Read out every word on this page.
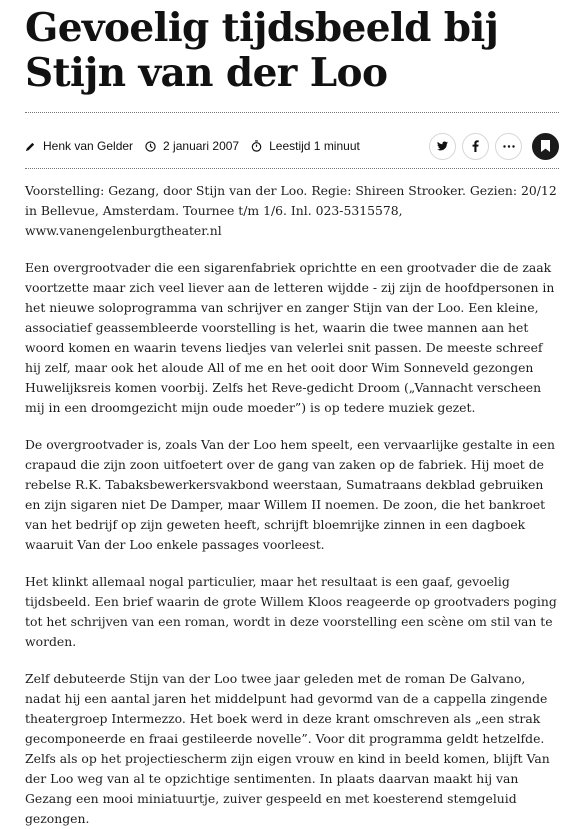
Gevoelig tijdsbeeld bij Stijn van der Loo
Henk van Gelder	2 januari 2007	Leestijd 1 minuut

Voorstelling: Gezang, door Stijn van der Loo. Regie: Shireen Strooker. Gezien: 20/12 in Bellevue, Amsterdam. Tournee t/m 1/6. Inl. 023-5315578, www.vanengelenburgtheater.nl

Een overgrootvader die een sigarenfabriek oprichtte en een grootvader die de zaak voortzette maar zich veel liever aan de letteren wijdde - zij zijn de hoofdpersonen in het nieuwe soloprogramma van schrijver en zanger Stijn van der Loo. Een kleine, associatief geassembleerde voorstelling is het, waarin die twee mannen aan het woord komen en waarin tevens liedjes van velerlei snit passen. De meeste schreef hij zelf, maar ook het aloude All of me en het ooit door Wim Sonneveld gezongen Huwelijksreis komen voorbij. Zelfs het Reve-gedicht Droom („Vannacht verscheen mij in een droomgezicht mijn oude moeder”) is op tedere muziek gezet.

De overgrootvader is, zoals Van der Loo hem speelt, een vervaarlijke gestalte in een crapaud die zijn zoon uitfoetert over de gang van zaken op de fabriek. Hij moet de rebelse R.K. Tabaksbewerkersvakbond weerstaan, Sumatraans dekblad gebruiken en zijn sigaren niet De Damper, maar Willem II noemen. De zoon, die het bankroet van het bedrijf op zijn geweten heeft, schrijft bloemrijke zinnen in een dagboek waaruit Van der Loo enkele passages voorleest.

Het klinkt allemaal nogal particulier, maar het resultaat is een gaaf, gevoelig tijdsbeeld. Een brief waarin de grote Willem Kloos reageerde op grootvaders poging tot het schrijven van een roman, wordt in deze voorstelling een scène om stil van te worden.

Zelf debuteerde Stijn van der Loo twee jaar geleden met de roman De Galvano, nadat hij een aantal jaren het middelpunt had gevormd van de a cappella zingende theatergroep Intermezzo. Het boek werd in deze krant omschreven als „een strak gecomponeerde en fraai gestileerde novelle”. Voor dit programma geldt hetzelfde. Zelfs als op het projectiescherm zijn eigen vrouw en kind in beeld komen, blijft Van der Loo weg van al te opzichtige sentimenten. In plaats daarvan maakt hij van Gezang een mooi miniatuurtje, zuiver gespeeld en met koesterend stemgeluid gezongen.
